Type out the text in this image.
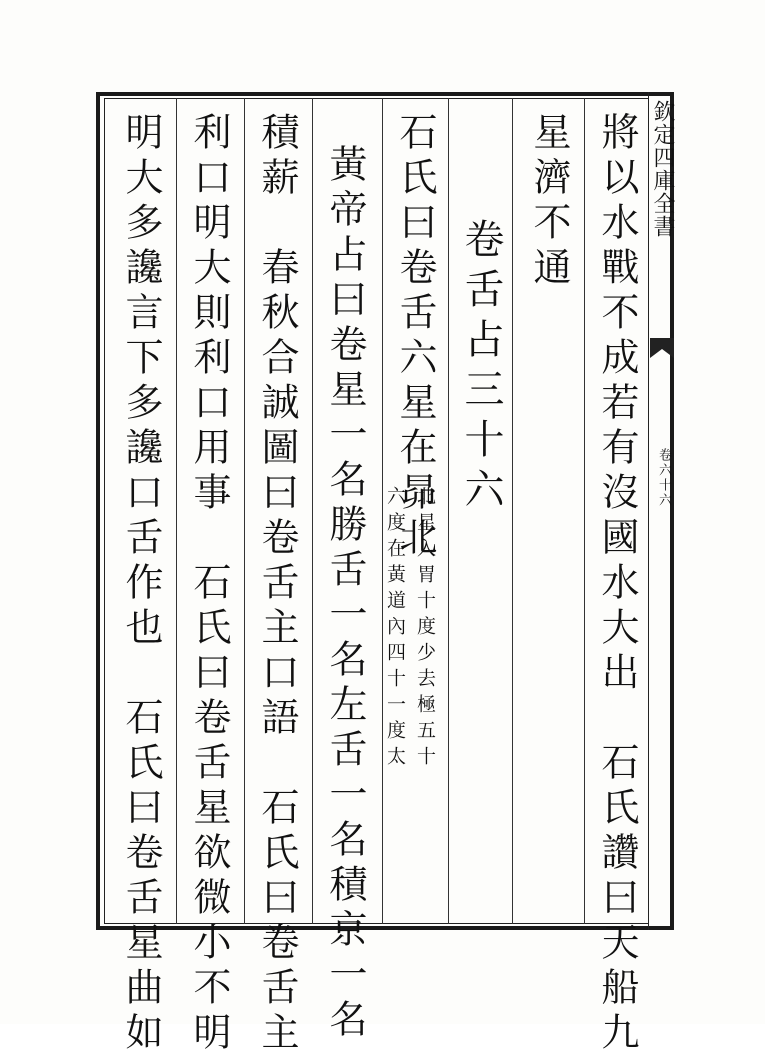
欽定四庫全書
卷六十六
將以水戰不成若有沒國水大出　石氏讚曰天船九
星濟不通
卷舌占三十六
石氏曰卷舌六星在昴北
北星入胃十度少去極五十
六度在黃道內四十一度太
黃帝占曰卷星一名勝舌一名左舌一名積京一名
積薪　春秋合誠圖曰卷舌主口語　石氏曰卷舌主
利口明大則利口用事　石氏曰卷舌星欲微小不明
明大多讒言下多讒口舌作也　石氏曰卷舌星曲如
